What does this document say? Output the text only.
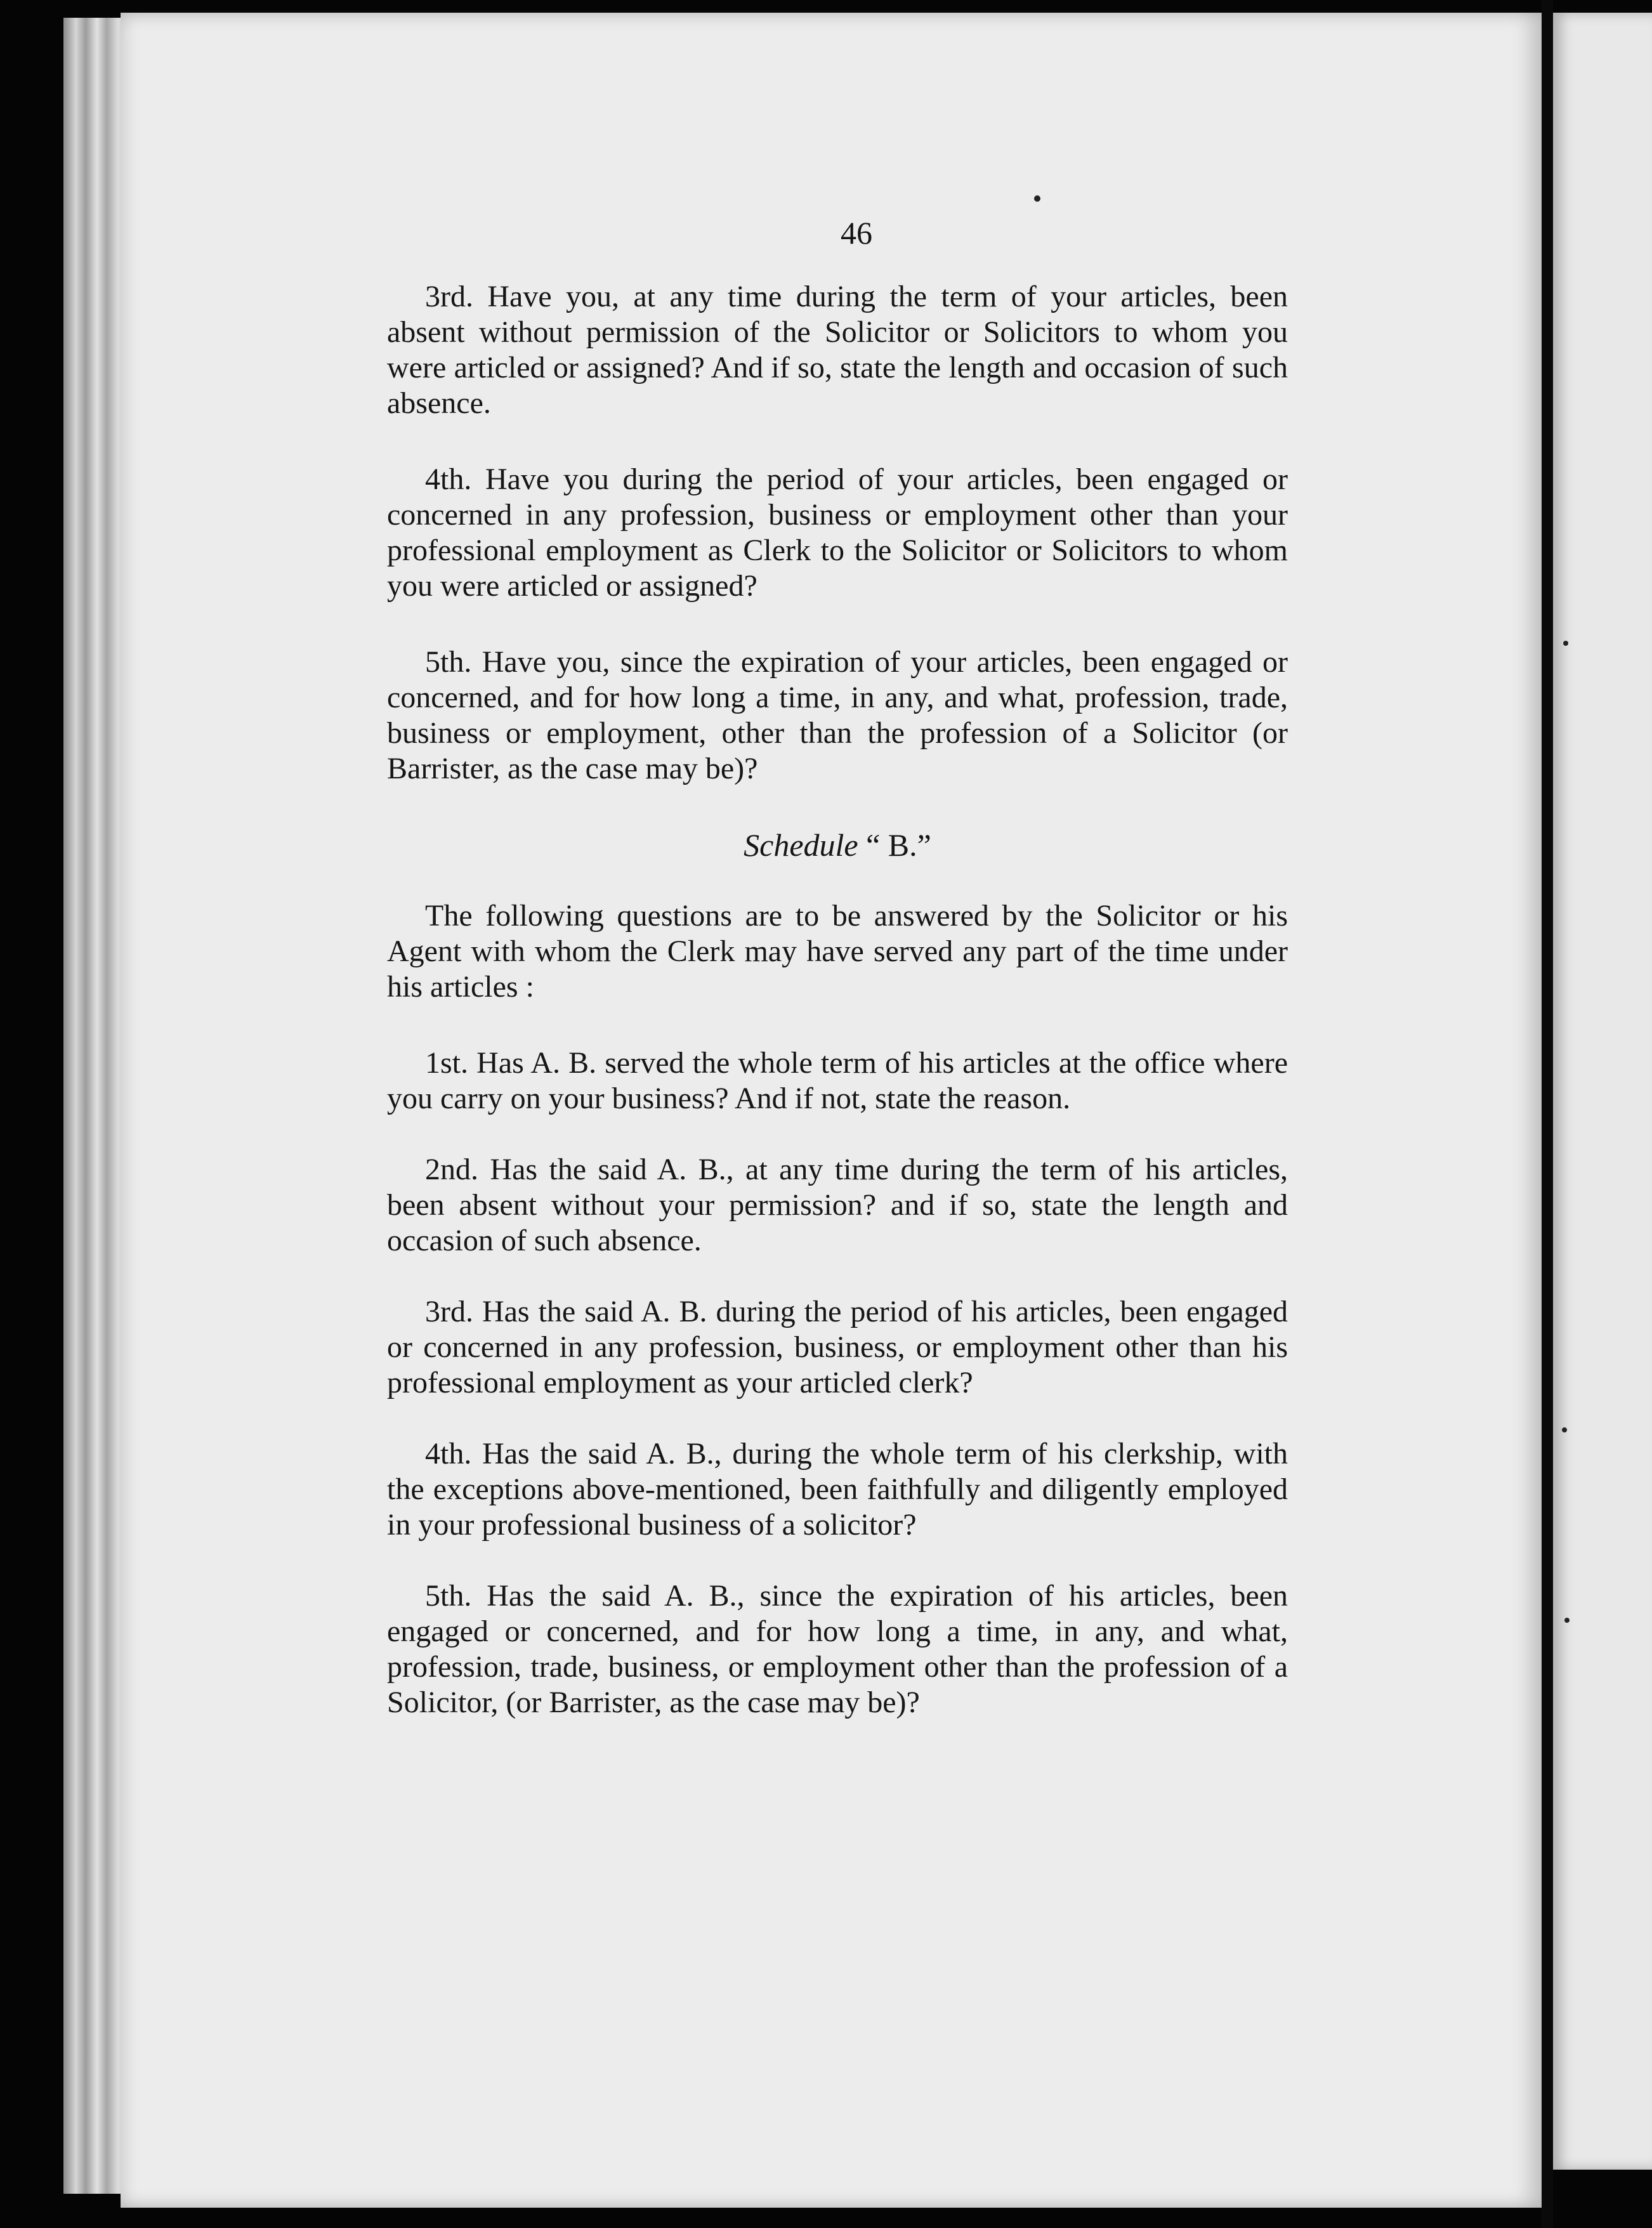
46

3rd. Have you, at any time during the term of your articles, been absent without permission of the Solicitor or Solicitors to whom you were articled or assigned? And if so, state the length and occasion of such absence.

4th. Have you during the period of your articles, been engaged or concerned in any profession, business or employment other than your professional employment as Clerk to the Solicitor or Solicitors to whom you were articled or assigned?

5th. Have you, since the expiration of your articles, been engaged or concerned, and for how long a time, in any, and what, profession, trade, business or employment, other than the profession of a Solicitor (or Barrister, as the case may be)?

Schedule “ B.”

The following questions are to be answered by the Solicitor or his Agent with whom the Clerk may have served any part of the time under his articles :

1st. Has A. B. served the whole term of his articles at the office where you carry on your business? And if not, state the reason.

2nd. Has the said A. B., at any time during the term of his articles, been absent without your permission? and if so, state the length and occasion of such absence.

3rd. Has the said A. B. during the period of his articles, been engaged or concerned in any profession, business, or employment other than his professional employment as your articled clerk?

4th. Has the said A. B., during the whole term of his clerkship, with the exceptions above-mentioned, been faithfully and diligently employed in your professional business of a solicitor?

5th. Has the said A. B., since the expiration of his articles, been engaged or concerned, and for how long a time, in any, and what, profession, trade, business, or employment other than the profession of a Solicitor, (or Barrister, as the case may be)?
